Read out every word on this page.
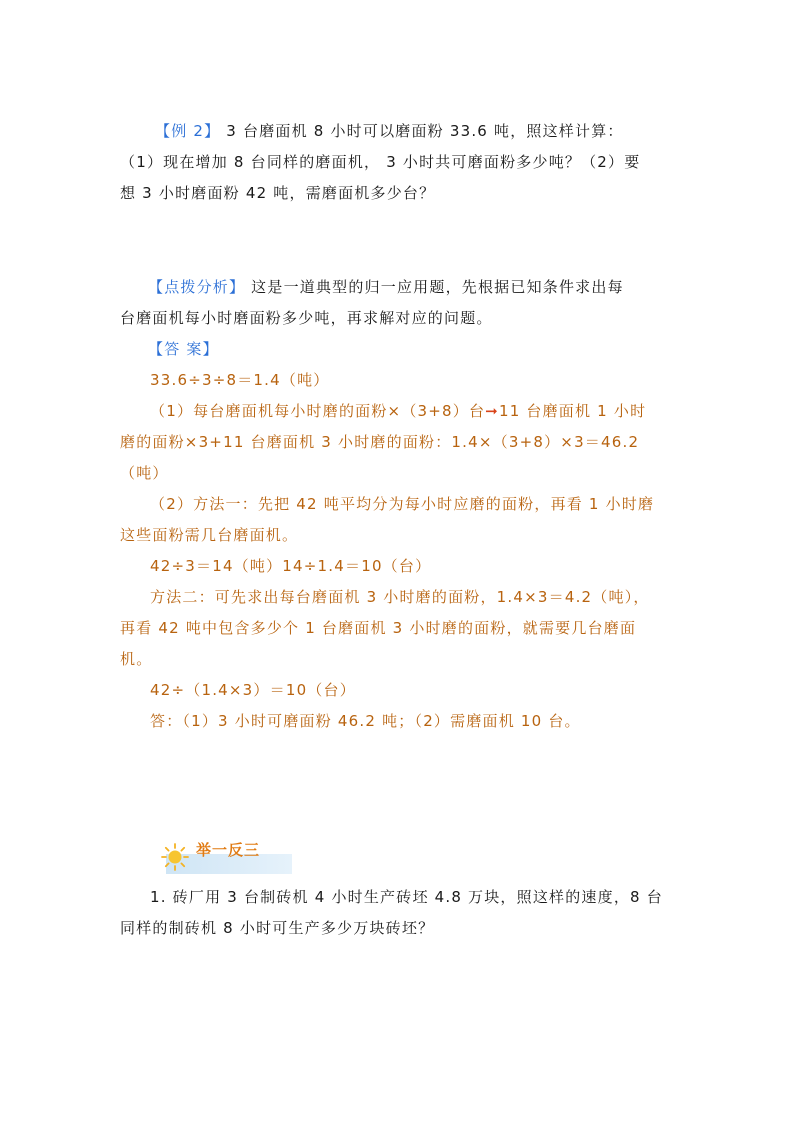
【例 2】 3 台磨面机 8 小时可以磨面粉 33.6 吨，照这样计算：
（1）现在增加 8 台同样的磨面机， 3 小时共可磨面粉多少吨？（2）要
想 3 小时磨面粉 42 吨，需磨面机多少台？
【点拨分析】 这是一道典型的归一应用题，先根据已知条件求出每
台磨面机每小时磨面粉多少吨，再求解对应的问题。
【答 案】
33.6÷3÷8＝1.4（吨）
（1）每台磨面机每小时磨的面粉×（3+8）台➞11 台磨面机 1 小时
磨的面粉×3+11 台磨面机 3 小时磨的面粉：1.4×（3+8）×3＝46.2
（吨）
（2）方法一：先把 42 吨平均分为每小时应磨的面粉，再看 1 小时磨
这些面粉需几台磨面机。
42÷3＝14（吨）14÷1.4＝10（台）
方法二：可先求出每台磨面机 3 小时磨的面粉，1.4×3＝4.2（吨），
再看 42 吨中包含多少个 1 台磨面机 3 小时磨的面粉，就需要几台磨面
机。
42÷（1.4×3）＝10（台）
答：（1）3 小时可磨面粉 46.2 吨；（2）需磨面机 10 台。
举一反三
1. 砖厂用 3 台制砖机 4 小时生产砖坯 4.8 万块，照这样的速度，8 台
同样的制砖机 8 小时可生产多少万块砖坯？
